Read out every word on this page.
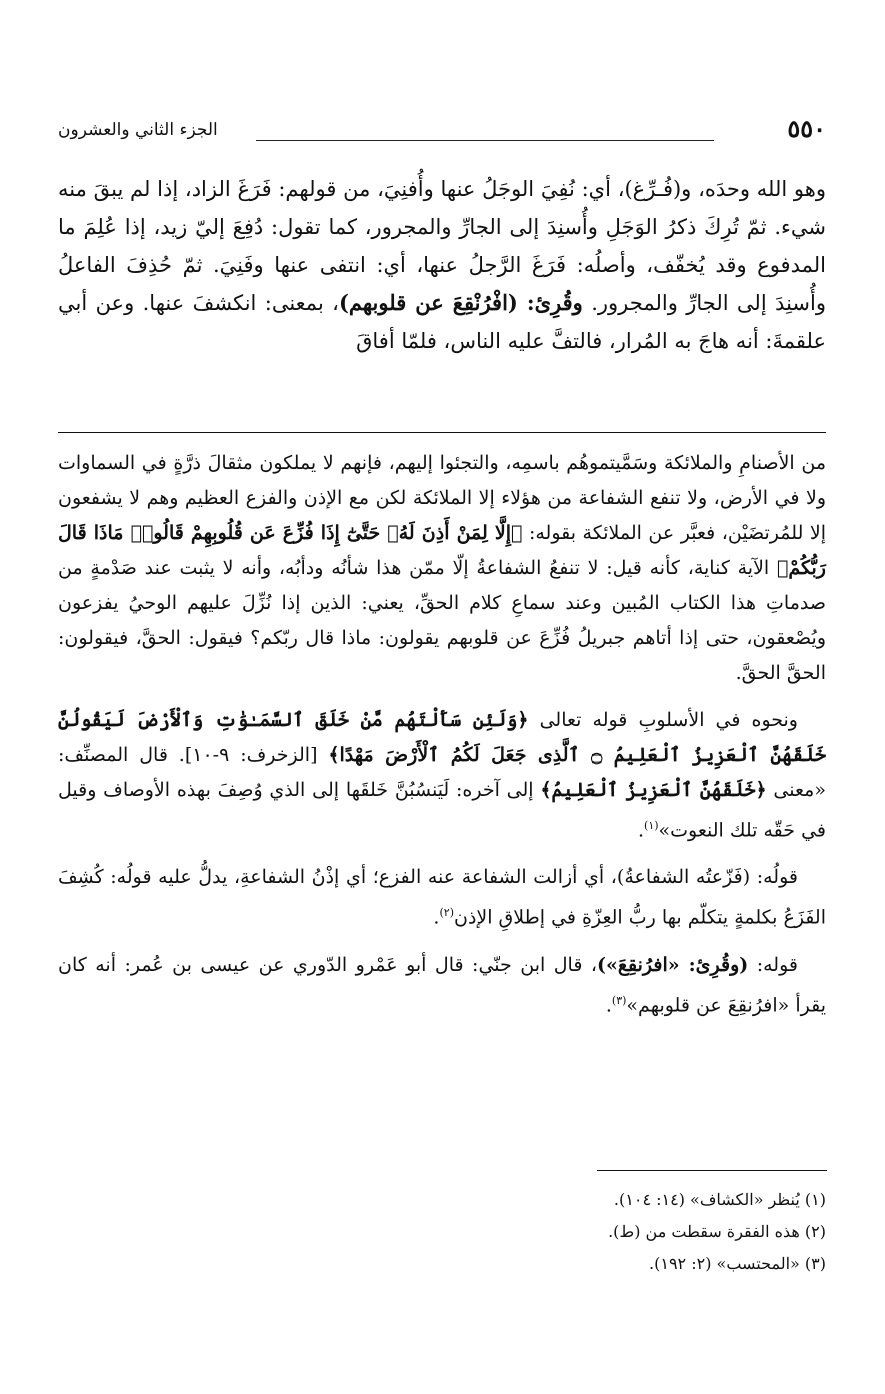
الجزء الثاني والعشرون	٥٥٠
وهو الله وحدَه، و(فُـرِّغ)، أي: نُفِيَ الوجَلُ عنها وأُفنِيَ، من قولهم: فَرَغَ الزاد، إذا لم يبقَ منه شيء. ثمّ تُرِكَ ذكرُ الوَجَلِ وأُسنِدَ إلى الجارِّ والمجرور، كما تقول: دُفِعَ إليّ زيد، إذا عُلِمَ ما المدفوع وقد يُخفّف، وأصلُه: فَرَغَ الرَّجلُ عنها، أي: انتفى عنها وفَنِيَ. ثمّ حُذِفَ الفاعلُ وأُسنِدَ إلى الجارِّ والمجرور. وقُرِئ: (افْرُنْقِعَ عن قلوبهم)، بمعنى: انكشفَ عنها. وعن أبي علقمةَ: أنه هاجَ به المُرار، فالتفَّ عليه الناس، فلمّا أفاقَ

من الأصنامِ والملائكة وسَمَّيتموهُم باسمِه، والتجئوا إليهم، فإنهم لا يملكون مثقالَ ذرَّةٍ في السماوات ولا في الأرض، ولا تنفع الشفاعة من هؤلاء إلا الملائكة لكن مع الإذن والفزع العظيم وهم لا يشفعون إلا للمُرتضَيْن، فعبَّر عن الملائكة بقوله: ﴿إِلَّا لِمَنْ أَذِنَ لَهُۥ حَتَّىٰٓ إِذَا فُزِّعَ عَن قُلُوبِهِمْ قَالُوا۟ مَاذَا قَالَ رَبُّكُمْ﴾ الآية كناية، كأنه قيل: لا تنفعُ الشفاعةُ إلّا ممّن هذا شأنُه ودأبُه، وأنه لا يثبت عند صَدْمةٍ من صدماتِ هذا الكتاب المُبين وعند سماعِ كلام الحقِّ، يعني: الذين إذا نُزِّلَ عليهم الوحيُ يفزعون ويُصْعقون، حتى إذا أتاهم جبريلُ فُزِّعَ عن قلوبهم يقولون: ماذا قال ربّكم؟ فيقول: الحقَّ، فيقولون: الحقَّ الحقَّ.

ونحوه في الأسلوبِ قوله تعالى ﴿وَلَئِن سَأَلْتَهُم مَّنْ خَلَقَ ٱلسَّمَـٰوَٰتِ وَٱلْأَرْضَ لَيَقُولُنَّ خَلَقَهُنَّ ٱلْعَزِيزُ ٱلْعَلِيمُ ۝ ٱلَّذِى جَعَلَ لَكُمُ ٱلْأَرْضَ مَهْدًا﴾ [الزخرف: ٩-١٠]. قال المصنِّف: «معنى ﴿خَلَقَهُنَّ ٱلْعَزِيزُ ٱلْعَلِيمُ﴾ إلى آخره: لَيَنسُبُنَّ خَلقَها إلى الذي وُصِفَ بهذه الأوصاف وقيل في حَقّه تلك النعوت»$^{(١)}$.

قولُه: (فَزّعتُه الشفاعةُ)، أي أزالت الشفاعة عنه الفزع؛ أي إذْنُ الشفاعةِ، يدلُّ عليه قولُه: كُشِفَ الفَزَعُ بكلمةٍ يتكلّم بها ربُّ العِزّةِ في إطلاقِ الإذن$^{(٢)}$.

قوله: (وقُرِئ: «افرُنقِعَ»)، قال ابن جنّي: قال أبو عَمْرو الدّوري عن عيسى بن عُمر: أنه كان يقرأ «افرُنقِعَ عن قلوبهم»$^{(٣)}$.

(١) يُنظر «الكشاف» (١٤: ١٠٤).
(٢) هذه الفقرة سقطت من (ط).
(٣) «المحتسب» (٢: ١٩٢).
